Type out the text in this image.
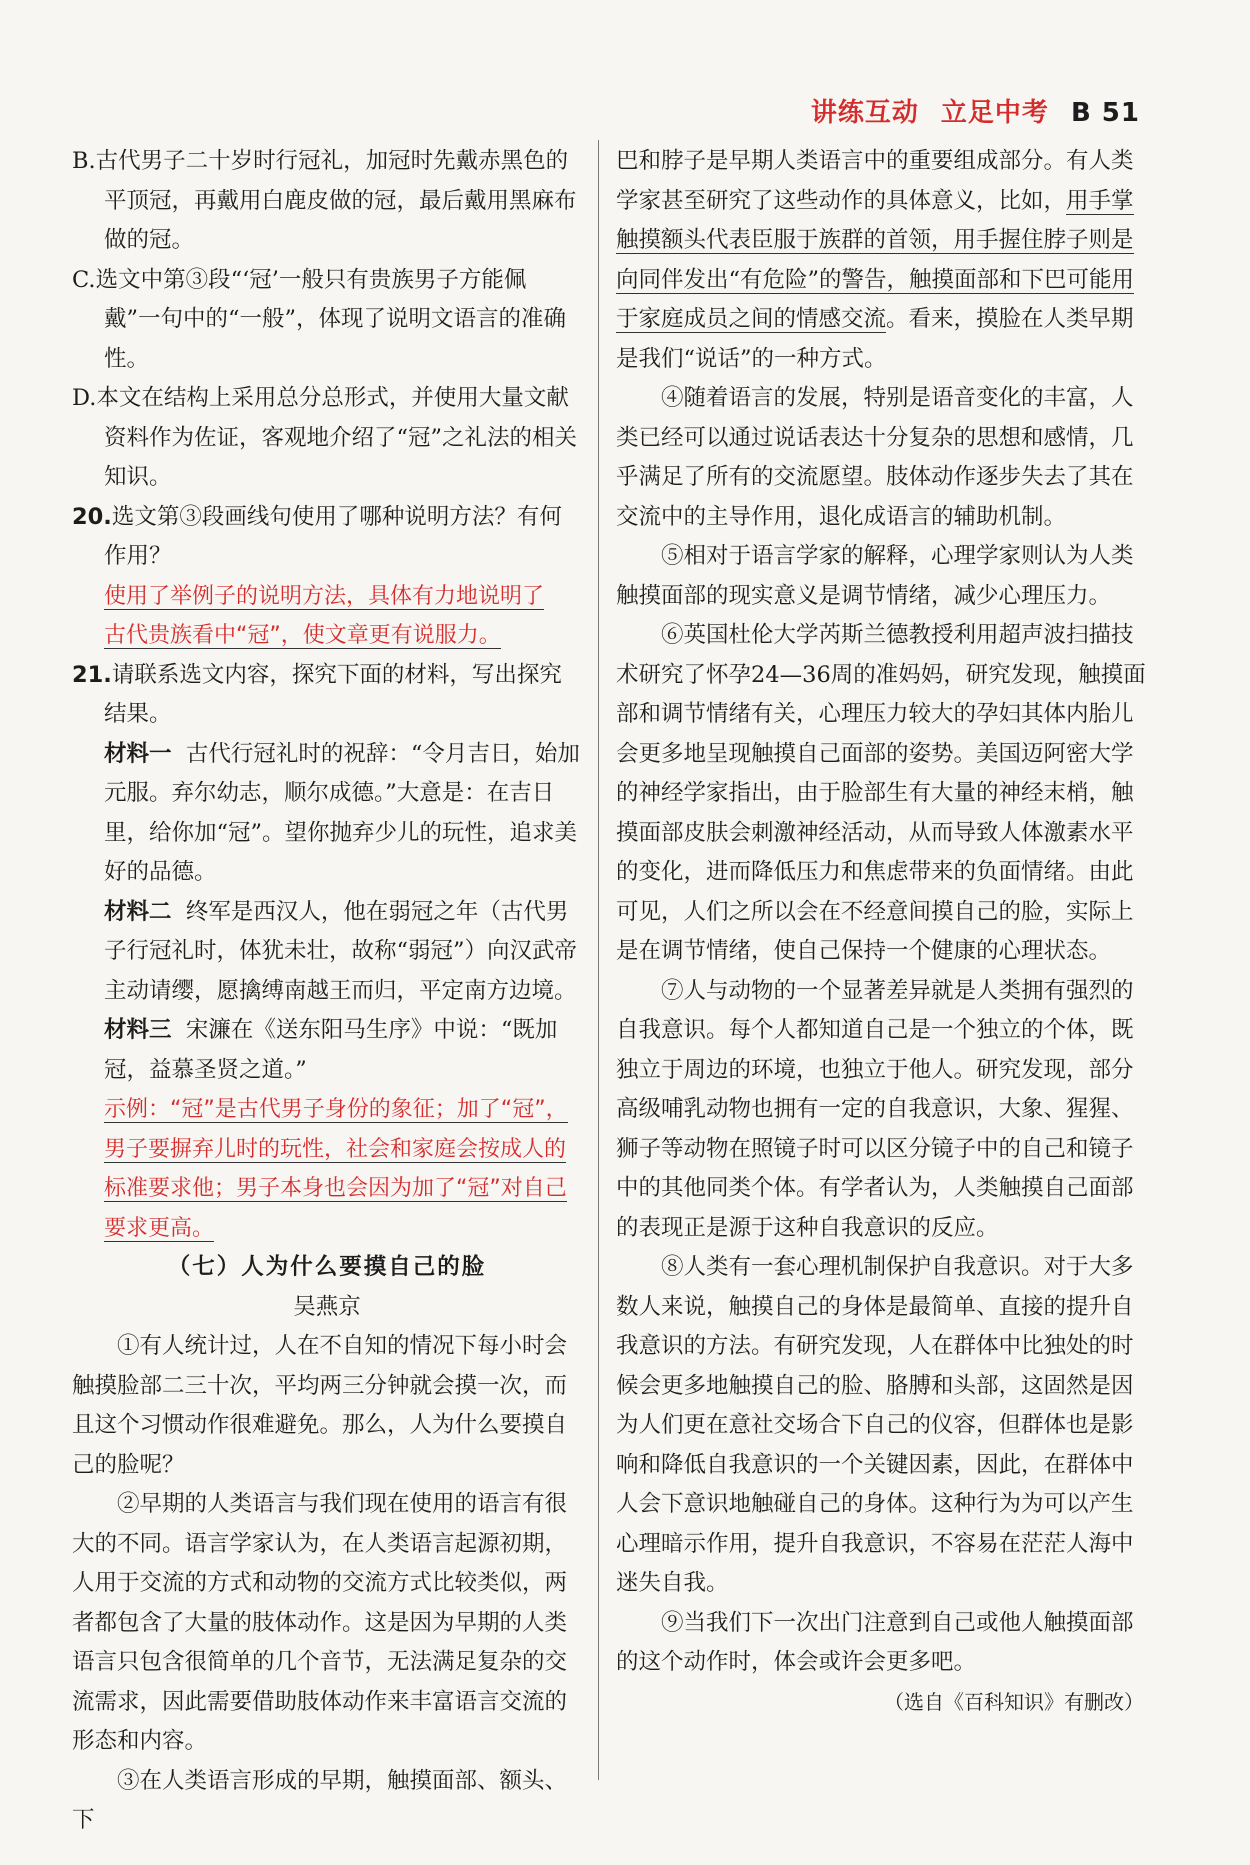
讲练互动 立足中考 B 51

B.古代男子二十岁时行冠礼，加冠时先戴赤黑色的平顶冠，再戴用白鹿皮做的冠，最后戴用黑麻布做的冠。

C.选文中第③段“‘冠’一般只有贵族男子方能佩戴”一句中的“一般”，体现了说明文语言的准确性。

D.本文在结构上采用总分总形式，并使用大量文献资料作为佐证，客观地介绍了“冠”之礼法的相关知识。

20.选文第③段画线句使用了哪种说明方法？有何作用？

使用了举例子的说明方法，具体有力地说明了
古代贵族看中“冠”，使文章更有说服力。

21.请联系选文内容，探究下面的材料，写出探究结果。

材料一 古代行冠礼时的祝辞：“令月吉日，始加元服。弃尔幼志，顺尔成德。”大意是：在吉日里，给你加“冠”。望你抛弃少儿的玩性，追求美好的品德。

材料二 终军是西汉人，他在弱冠之年（古代男子行冠礼时，体犹未壮，故称“弱冠”）向汉武帝主动请缨，愿擒缚南越王而归，平定南方边境。

材料三 宋濂在《送东阳马生序》中说：“既加冠，益慕圣贤之道。”

示例：“冠”是古代男子身份的象征；加了“冠”，
男子要摒弃儿时的玩性，社会和家庭会按成人的
标准要求他；男子本身也会因为加了“冠”对自己
要求更高。

（七）人为什么要摸自己的脸

吴燕京

①有人统计过，人在不自知的情况下每小时会触摸脸部二三十次，平均两三分钟就会摸一次，而且这个习惯动作很难避免。那么，人为什么要摸自己的脸呢？

②早期的人类语言与我们现在使用的语言有很大的不同。语言学家认为，在人类语言起源初期，人用于交流的方式和动物的交流方式比较类似，两者都包含了大量的肢体动作。这是因为早期的人类语言只包含很简单的几个音节，无法满足复杂的交流需求，因此需要借助肢体动作来丰富语言交流的形态和内容。

③在人类语言形成的早期，触摸面部、额头、下

巴和脖子是早期人类语言中的重要组成部分。有人类学家甚至研究了这些动作的具体意义，比如，用手掌触摸额头代表臣服于族群的首领，用手握住脖子则是向同伴发出“有危险”的警告，触摸面部和下巴可能用于家庭成员之间的情感交流。看来，摸脸在人类早期是我们“说话”的一种方式。

④随着语言的发展，特别是语音变化的丰富，人类已经可以通过说话表达十分复杂的思想和感情，几乎满足了所有的交流愿望。肢体动作逐步失去了其在交流中的主导作用，退化成语言的辅助机制。

⑤相对于语言学家的解释，心理学家则认为人类触摸面部的现实意义是调节情绪，减少心理压力。

⑥英国杜伦大学芮斯兰德教授利用超声波扫描技术研究了怀孕24—36周的准妈妈，研究发现，触摸面部和调节情绪有关，心理压力较大的孕妇其体内胎儿会更多地呈现触摸自己面部的姿势。美国迈阿密大学的神经学家指出，由于脸部生有大量的神经末梢，触摸面部皮肤会刺激神经活动，从而导致人体激素水平的变化，进而降低压力和焦虑带来的负面情绪。由此可见，人们之所以会在不经意间摸自己的脸，实际上是在调节情绪，使自己保持一个健康的心理状态。

⑦人与动物的一个显著差异就是人类拥有强烈的自我意识。每个人都知道自己是一个独立的个体，既独立于周边的环境，也独立于他人。研究发现，部分高级哺乳动物也拥有一定的自我意识，大象、猩猩、狮子等动物在照镜子时可以区分镜子中的自己和镜子中的其他同类个体。有学者认为，人类触摸自己面部的表现正是源于这种自我意识的反应。

⑧人类有一套心理机制保护自我意识。对于大多数人来说，触摸自己的身体是最简单、直接的提升自我意识的方法。有研究发现，人在群体中比独处的时候会更多地触摸自己的脸、胳膊和头部，这固然是因为人们更在意社交场合下自己的仪容，但群体也是影响和降低自我意识的一个关键因素，因此，在群体中人会下意识地触碰自己的身体。这种行为为可以产生心理暗示作用，提升自我意识，不容易在茫茫人海中迷失自我。

⑨当我们下一次出门注意到自己或他人触摸面部的这个动作时，体会或许会更多吧。

（选自《百科知识》有删改）
